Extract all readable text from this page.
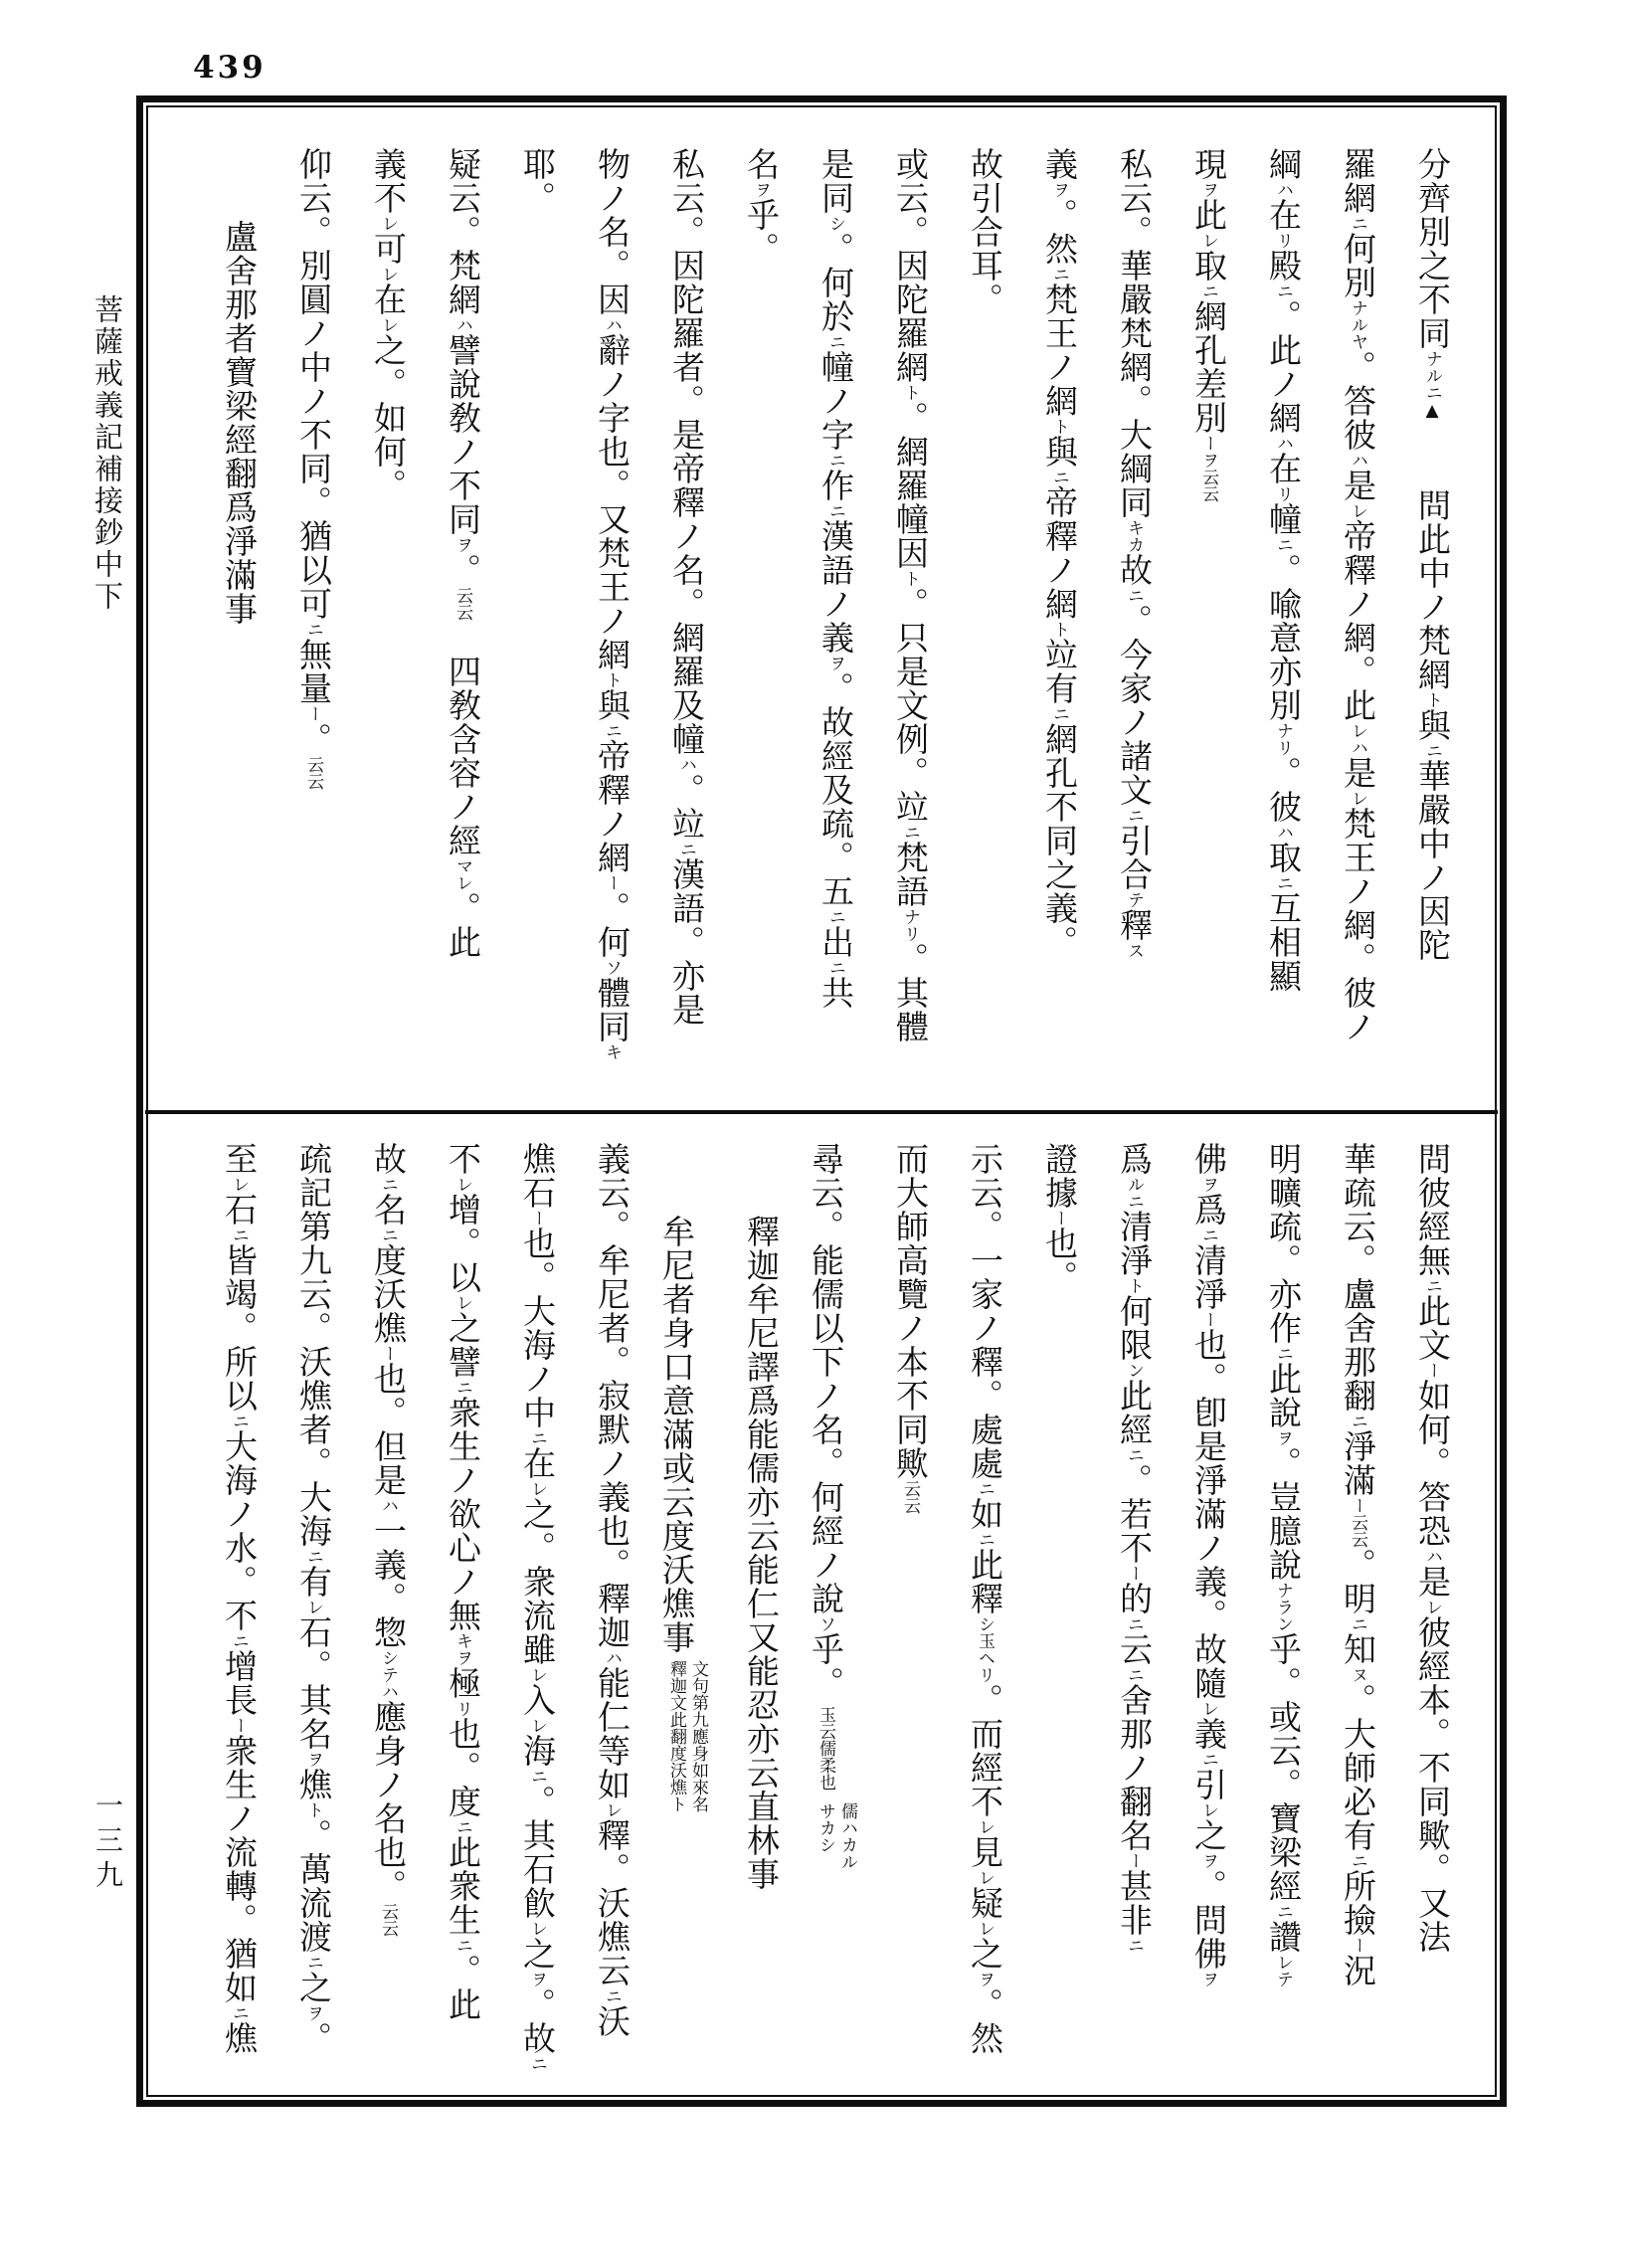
439
菩薩戒義記補接鈔中下
一三九
分齊別之不同ナルニ▲　　問此中ノ梵網ト與ニ華嚴中ノ因陀
羅網ニ何別ナルヤ。答彼ハ是レ帝釋ノ網。此レハ是レ梵王ノ網。彼ノ
綱ハ在リ殿ニ。此ノ網ハ在リ幢ニ。喩意亦別ナリ。彼ハ取ニ互相顯
現ヲ此レ取ニ網孔差別ーヲ云云
私云。華嚴梵網。大綱同キカ故ニ。今家ノ諸文ニ引合テ釋ス
義ヲ。然ニ梵王ノ網ト與ニ帝釋ノ網ト竝有ニ網孔不同之義。
故引合耳。
或云。因陀羅網ト。網羅幢因ト。只是文例。竝ニ梵語ナリ。其體
是同シ。何於ニ幢ノ字ニ作ニ漢語ノ義ヲ。故經及疏。五ニ出ニ共
名ヲ乎。
私云。因陀羅者。是帝釋ノ名。網羅及幢ハ。竝ニ漢語。亦是
物ノ名。因ハ辭ノ字也。又梵王ノ網ト與ニ帝釋ノ網ー。何ソ體同キ
耶。
疑云。梵網ハ譬說敎ノ不同ヲ。云云　四敎含容ノ經マレ。此
義不レ可レ在レ之。如何。
仰云。別圓ノ中ノ不同。猶以可ニ無量ー。云云
盧舍那者寶梁經翻爲淨滿事
問彼經無ニ此文ー如何。答恐ハ是レ彼經本。不同歟。又法
華疏云。盧舍那翻ニ淨滿ー云云。明ニ知ヌ。大師必有ニ所撿ー況
明曠疏。亦作ニ此說ヲ。豈臆說ナラン乎。或云。寶梁經ニ讚レテ
佛ヲ爲ニ清淨ー也。卽是淨滿ノ義。故隨レ義ニ引レ之ヲ。問佛ヲ
爲ルニ清淨ト何限ン此經ニ。若不ー的ニ云ニ舍那ノ翻名ー甚非ニ
證據ー也。
示云。一家ノ釋。處處ニ如ニ此釋シ玉ヘリ。而經不レ見レ疑レ之ヲ。然
而大師高覽ノ本不同歟云云
尋云。能儒以下ノ名。何經ノ說ソ乎。
玉云儒柔也
儒ハカル
サカシ
釋迦牟尼譯爲能儒亦云能仁又能忍亦云直林事
牟尼者身口意滿或云度沃燋事
文句第九應身如來名
釋迦文此翻度沃燋ト
義云。牟尼者。寂默ノ義也。釋迦ハ能仁等如レ釋。沃燋云ニ沃
燋石ー也。大海ノ中ニ在レ之。衆流雖レ入レ海ニ。其石飮レ之ヲ。故ニ
不レ增。以レ之譬ニ衆生ノ欲心ノ無キヲ極リ也。度ニ此衆生ニ。此
故ニ名ニ度沃燋ー也。但是ハ一義。惣シテハ應身ノ名也。云云
疏記第九云。沃燋者。大海ニ有レ石。其名ヲ燋ト。萬流渡ニ之ヲ。
至レ石ニ皆竭。所以ニ大海ノ水。不ニ增長ー衆生ノ流轉。猶如ニ燋
